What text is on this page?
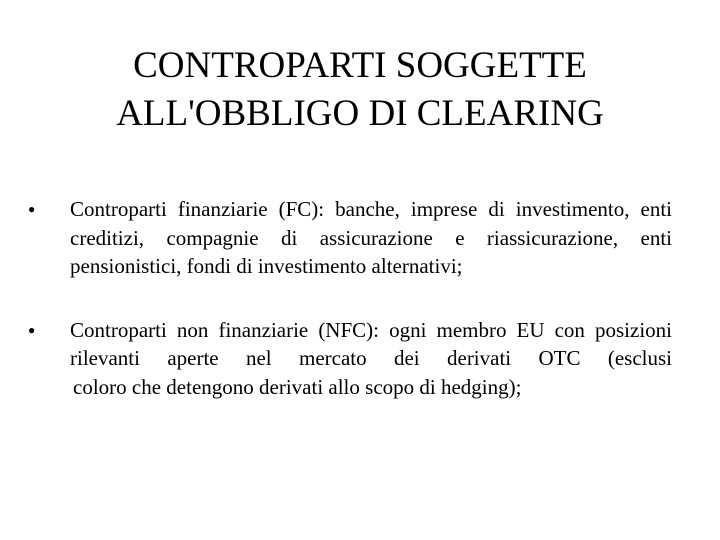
CONTROPARTI SOGGETTE
ALL'OBBLIGO DI CLEARING
● Controparti finanziarie (FC): banche, imprese di investimento, enti creditizi, compagnie di assicurazione e riassicurazione, enti pensionistici, fondi di investimento alternativi;
● Controparti non finanziarie (NFC): ogni membro EU con posizioni rilevanti aperte nel mercato dei derivati OTC (esclusi
coloro che detengono derivati allo scopo di hedging);
